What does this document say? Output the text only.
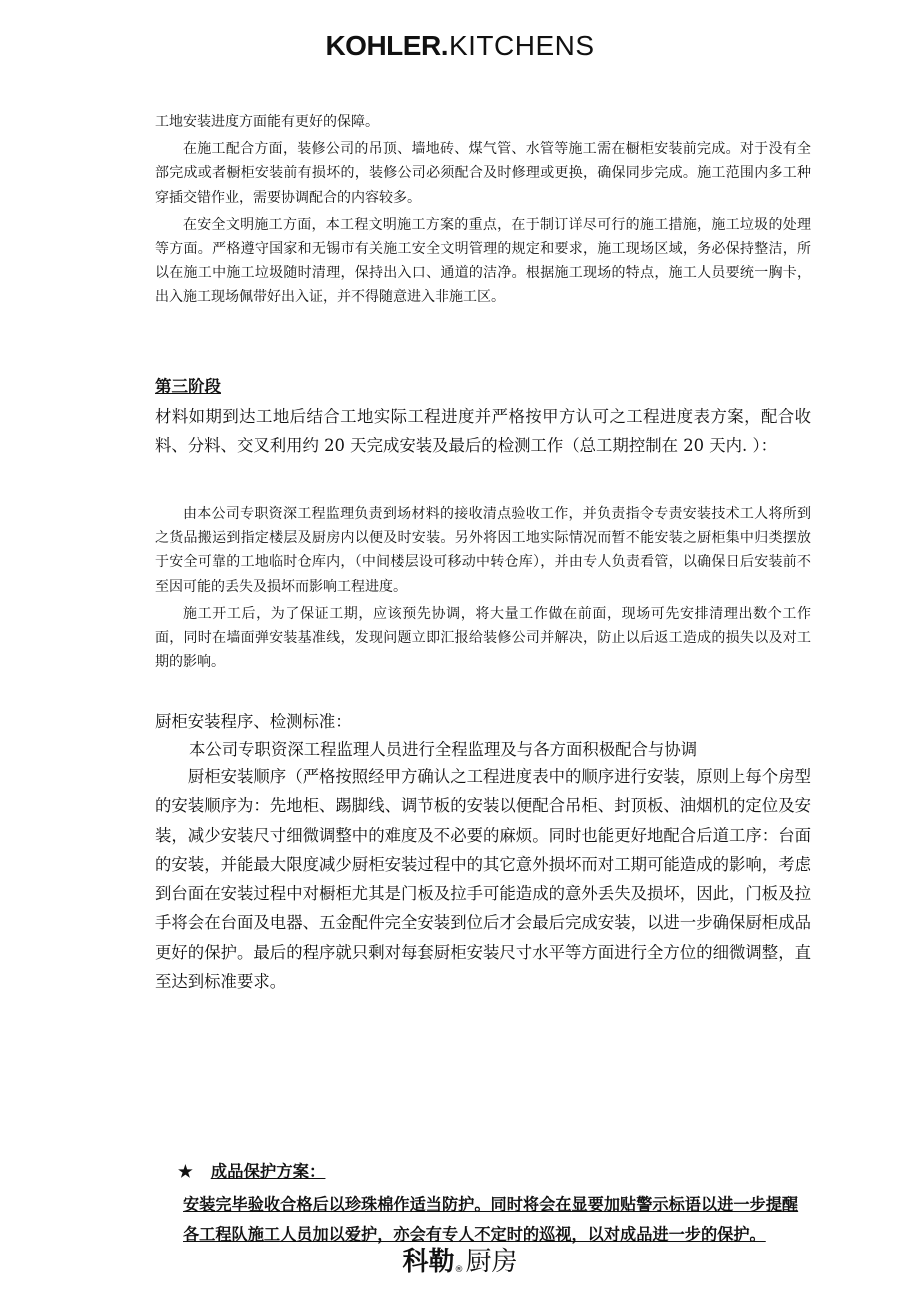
KOHLER.KITCHENS

工地安装进度方面能有更好的保障。

在施工配合方面，装修公司的吊顶、墙地砖、煤气管、水管等施工需在橱柜安装前完成。对于没有全部完成或者橱柜安装前有损坏的，装修公司必须配合及时修理或更换，确保同步完成。施工范围内多工种穿插交错作业，需要协调配合的内容较多。

在安全文明施工方面，本工程文明施工方案的重点，在于制订详尽可行的施工措施，施工垃圾的处理等方面。严格遵守国家和无锡市有关施工安全文明管理的规定和要求，施工现场区域，务必保持整洁，所以在施工中施工垃圾随时清理，保持出入口、通道的洁净。根据施工现场的特点，施工人员要统一胸卡，出入施工现场佩带好出入证，并不得随意进入非施工区。

第三阶段

材料如期到达工地后结合工地实际工程进度并严格按甲方认可之工程进度表方案，配合收料、分料、交叉利用约 20 天完成安装及最后的检测工作（总工期控制在 20 天内. ）：

由本公司专职资深工程监理负责到场材料的接收清点验收工作，并负责指令专责安装技术工人将所到之货品搬运到指定楼层及厨房内以便及时安装。另外将因工地实际情况而暂不能安装之厨柜集中归类摆放于安全可靠的工地临时仓库内，（中间楼层设可移动中转仓库），并由专人负责看管，以确保日后安装前不至因可能的丢失及损坏而影响工程进度。

施工开工后，为了保证工期，应该预先协调，将大量工作做在前面，现场可先安排清理出数个工作面，同时在墙面弹安装基准线，发现问题立即汇报给装修公司并解决，防止以后返工造成的损失以及对工期的影响。

厨柜安装程序、检测标准：
本公司专职资深工程监理人员进行全程监理及与各方面积极配合与协调

厨柜安装顺序（严格按照经甲方确认之工程进度表中的顺序进行安装，原则上每个房型的安装顺序为：先地柜、踢脚线、调节板的安装以便配合吊柜、封顶板、油烟机的定位及安装，减少安装尺寸细微调整中的难度及不必要的麻烦。同时也能更好地配合后道工序：台面的安装，并能最大限度减少厨柜安装过程中的其它意外损坏而对工期可能造成的影响，考虑到台面在安装过程中对橱柜尤其是门板及拉手可能造成的意外丢失及损坏，因此，门板及拉手将会在台面及电器、五金配件完全安装到位后才会最后完成安装，以进一步确保厨柜成品更好的保护。最后的程序就只剩对每套厨柜安装尺寸水平等方面进行全方位的细微调整，直至达到标准要求。

★ 成品保护方案：
安装完毕验收合格后以珍珠棉作适当防护。同时将会在显要加贴警示标语以进一步提醒各工程队施工人员加以爱护，亦会有专人不定时的巡视，以对成品进一步的保护。
科勒®厨房
